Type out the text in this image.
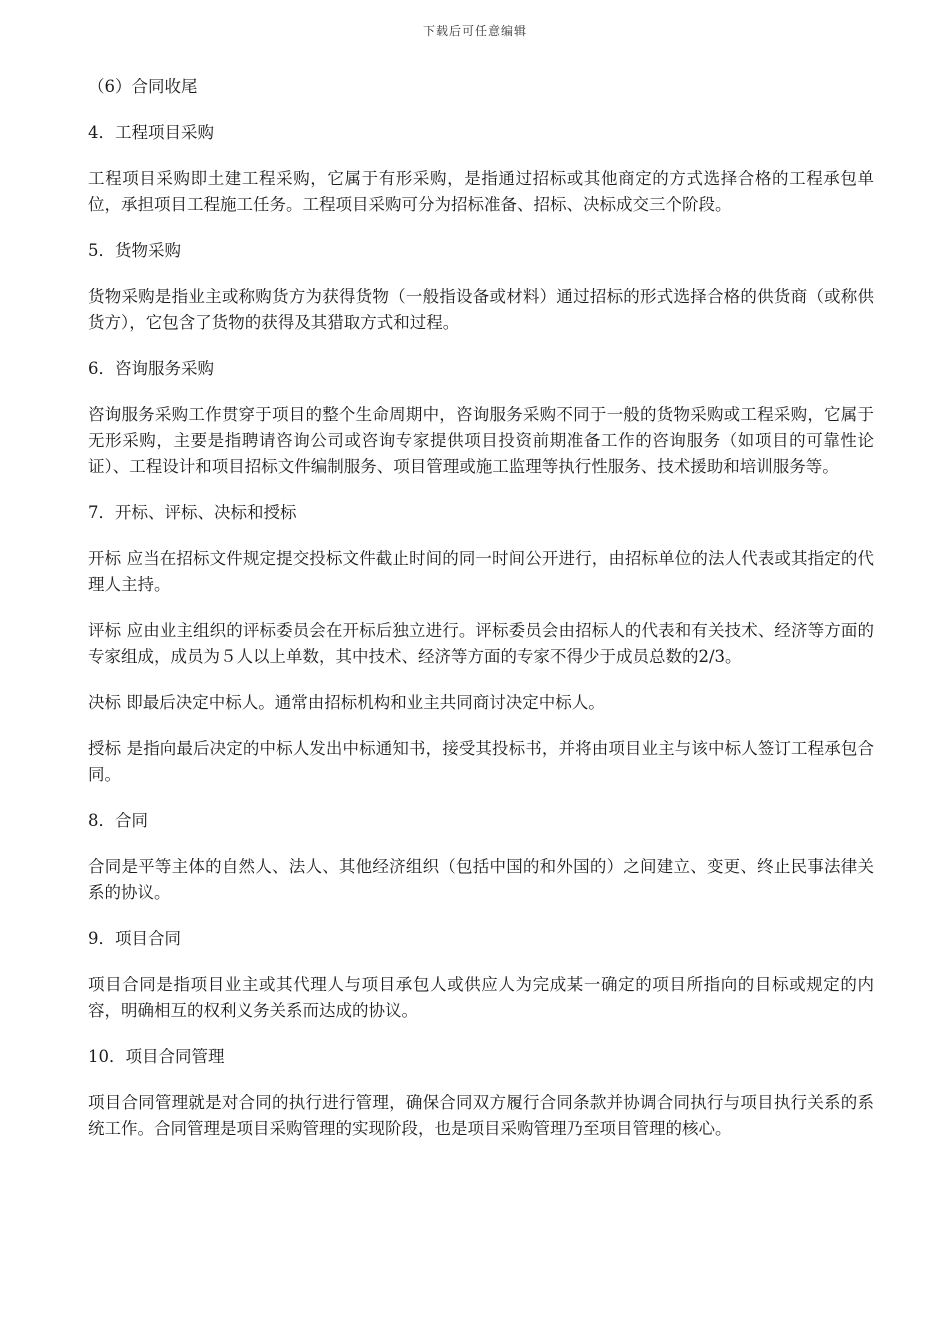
下载后可任意编辑

（6）合同收尾

4．工程项目采购

工程项目采购即土建工程采购，它属于有形采购，是指通过招标或其他商定的方式选择合格的工程承包单位，承担项目工程施工任务。工程项目采购可分为招标准备、招标、决标成交三个阶段。

5．货物采购

货物采购是指业主或称购货方为获得货物（一般指设备或材料）通过招标的形式选择合格的供货商（或称供货方），它包含了货物的获得及其猎取方式和过程。

6．咨询服务采购

咨询服务采购工作贯穿于项目的整个生命周期中，咨询服务采购不同于一般的货物采购或工程采购，它属于无形采购，主要是指聘请咨询公司或咨询专家提供项目投资前期准备工作的咨询服务（如项目的可靠性论证）、工程设计和项目招标文件编制服务、项目管理或施工监理等执行性服务、技术援助和培训服务等。

7．开标、评标、决标和授标

开标 应当在招标文件规定提交投标文件截止时间的同一时间公开进行，由招标单位的法人代表或其指定的代理人主持。

评标 应由业主组织的评标委员会在开标后独立进行。评标委员会由招标人的代表和有关技术、经济等方面的专家组成，成员为５人以上单数，其中技术、经济等方面的专家不得少于成员总数的2/3。

决标 即最后决定中标人。通常由招标机构和业主共同商讨决定中标人。

授标 是指向最后决定的中标人发出中标通知书，接受其投标书，并将由项目业主与该中标人签订工程承包合同。

8．合同

合同是平等主体的自然人、法人、其他经济组织（包括中国的和外国的）之间建立、变更、终止民事法律关系的协议。

9．项目合同

项目合同是指项目业主或其代理人与项目承包人或供应人为完成某一确定的项目所指向的目标或规定的内容，明确相互的权利义务关系而达成的协议。

10．项目合同管理

项目合同管理就是对合同的执行进行管理，确保合同双方履行合同条款并协调合同执行与项目执行关系的系统工作。合同管理是项目采购管理的实现阶段，也是项目采购管理乃至项目管理的核心。
